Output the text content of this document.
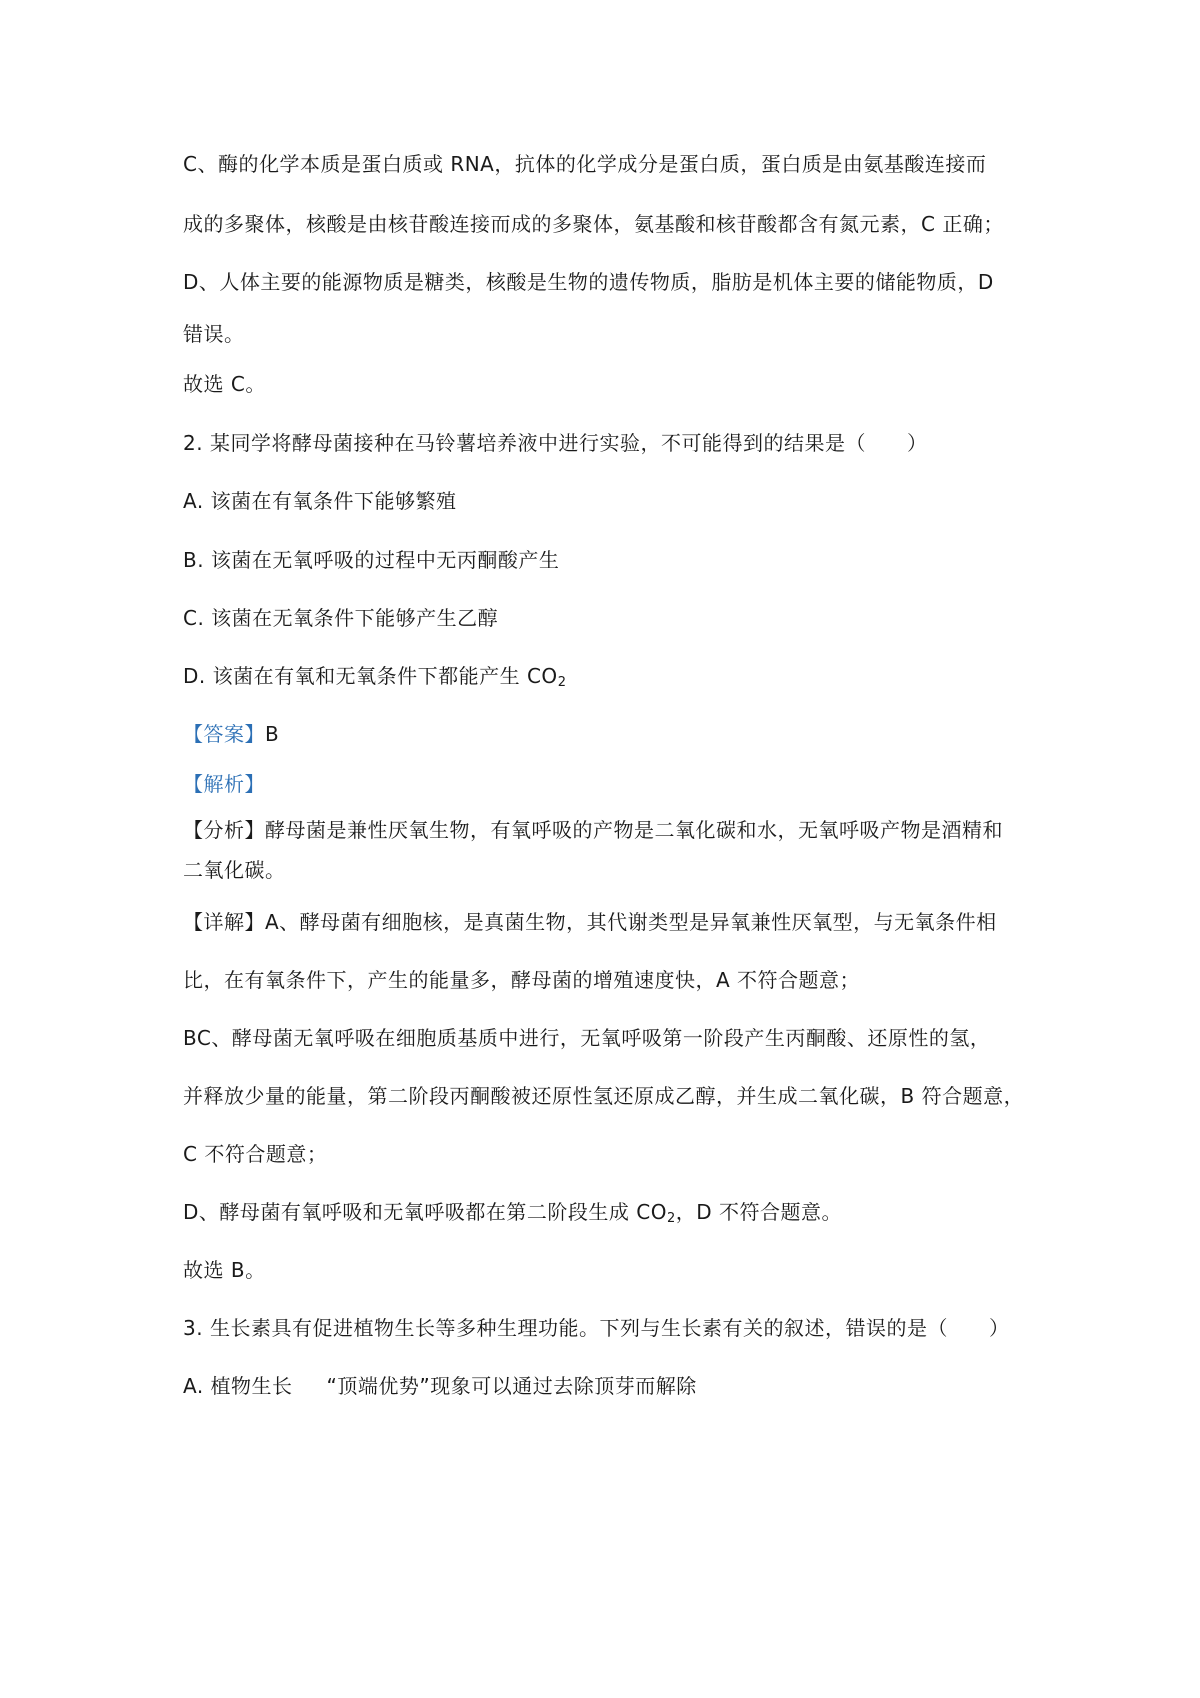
C、酶的化学本质是蛋白质或 RNA，抗体的化学成分是蛋白质，蛋白质是由氨基酸连接而
成的多聚体，核酸是由核苷酸连接而成的多聚体，氨基酸和核苷酸都含有氮元素，C 正确；
D、人体主要的能源物质是糖类，核酸是生物的遗传物质，脂肪是机体主要的储能物质，D
错误。
故选 C。
2. 某同学将酵母菌接种在马铃薯培养液中进行实验，不可能得到的结果是（　　）
A. 该菌在有氧条件下能够繁殖
B. 该菌在无氧呼吸的过程中无丙酮酸产生
C. 该菌在无氧条件下能够产生乙醇
D. 该菌在有氧和无氧条件下都能产生 $CO_2$
【答案】B
【解析】
【分析】酵母菌是兼性厌氧生物，有氧呼吸的产物是二氧化碳和水，无氧呼吸产物是酒精和
二氧化碳。
【详解】A、酵母菌有细胞核，是真菌生物，其代谢类型是异氧兼性厌氧型，与无氧条件相
比，在有氧条件下，产生的能量多，酵母菌的增殖速度快，A 不符合题意；
BC、酵母菌无氧呼吸在细胞质基质中进行，无氧呼吸第一阶段产生丙酮酸、还原性的氢，
并释放少量的能量，第二阶段丙酮酸被还原性氢还原成乙醇，并生成二氧化碳，B 符合题意，
C 不符合题意；
D、酵母菌有氧呼吸和无氧呼吸都在第二阶段生成 $CO_2$，D 不符合题意。
故选 B。
3. 生长素具有促进植物生长等多种生理功能。下列与生长素有关的叙述，错误的是（　　）
A. 植物生长 “顶端优势”现象可以通过去除顶芽而解除
